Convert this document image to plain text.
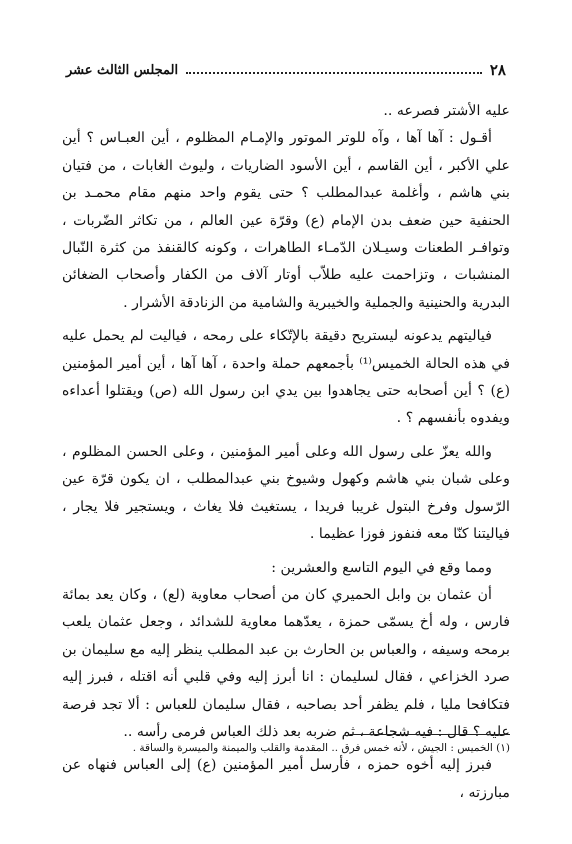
٢٨
المجلس الثالث عشر

عليه الأشتر فصرعه ..

أقـول : آها آها ، وآه للوتر الموتور والإمـام المظلوم ، أين العبـاس ؟ أين علي الأكبر ، أين القاسم ، أين الأسود الضاريات ، وليوث الغابات ، من فتيان بني هاشم ، وأغلمة عبدالمطلب ؟ حتى يقوم واحد منهم مقام محمـد بن الحنفية حين ضعف بدن الإمام (ع) وقرّة عين العالم ، من تكاثر الضّربات ، وتوافـر الطعنات وسيـلان الدّمـاء الطاهرات ، وكونه كالقنفذ من كثرة النّبال المنشبات ، وتزاحمت عليه طلاّب أوتار آلاف من الكفار وأصحاب الضغائن البدرية والحنينية والجملية والخيبرية والشامية من الزنادقة الأشرار .

فياليتهم يدعونه ليستريح دقيقة بالإتّكاء على رمحه ، فياليت لم يحمل عليه في هذه الحالة الخميس⁽¹⁾ بأجمعهم حملة واحدة ، آها آها ، أين أمير المؤمنين (ع) ؟ أين أصحابه حتى يجاهدوا بين يدي ابن رسول الله (ص) ويقتلوا أعداءه ويفدوه بأنفسهم ؟ .

والله يعزّ على رسول الله وعلى أمير المؤمنين ، وعلى الحسن المظلوم ، وعلى شبان بني هاشم وكهول وشيوخ بني عبدالمطلب ، ان يكون قرّة عين الرّسول وفرخ البتول غريبا فريدا ، يستغيث فلا يغاث ، ويستجير فلا يجار ، فياليتنا كنّا معه فنفوز فوزا عظيما .

ومما وقع في اليوم التاسع والعشرين :

أن عثمان بن وابل الحميري كان من أصحاب معاوية (لع) ، وكان يعد بمائة فارس ، وله أخ يسمّى حمزة ، يعدّهما معاوية للشدائد ، وجعل عثمان يلعب برمحه وسيفه ، والعباس بن الحارث بن عبد المطلب ينظر إليه مع سليمان بن صرد الخزاعي ، فقال لسليمان : انا أبرز إليه وفي قلبي أنه اقتله ، فبرز إليه فتكافحا مليا ، فلم يظفر أحد بصاحبه ، فقال سليمان للعباس : ألا تجد فرصة عليه ؟ قال : فيه شجاعة ، ثم ضربه بعد ذلك العباس فرمى رأسه ..

فبرز إليه أخوه حمزه ، فأرسل أمير المؤمنين (ع) إلى العباس فنهاه عن مبارزته ،

(١) الخميس : الجيش ، لأنه خمس فرق .. المقدمة والقلب والميمنة والميسرة والساقة .
